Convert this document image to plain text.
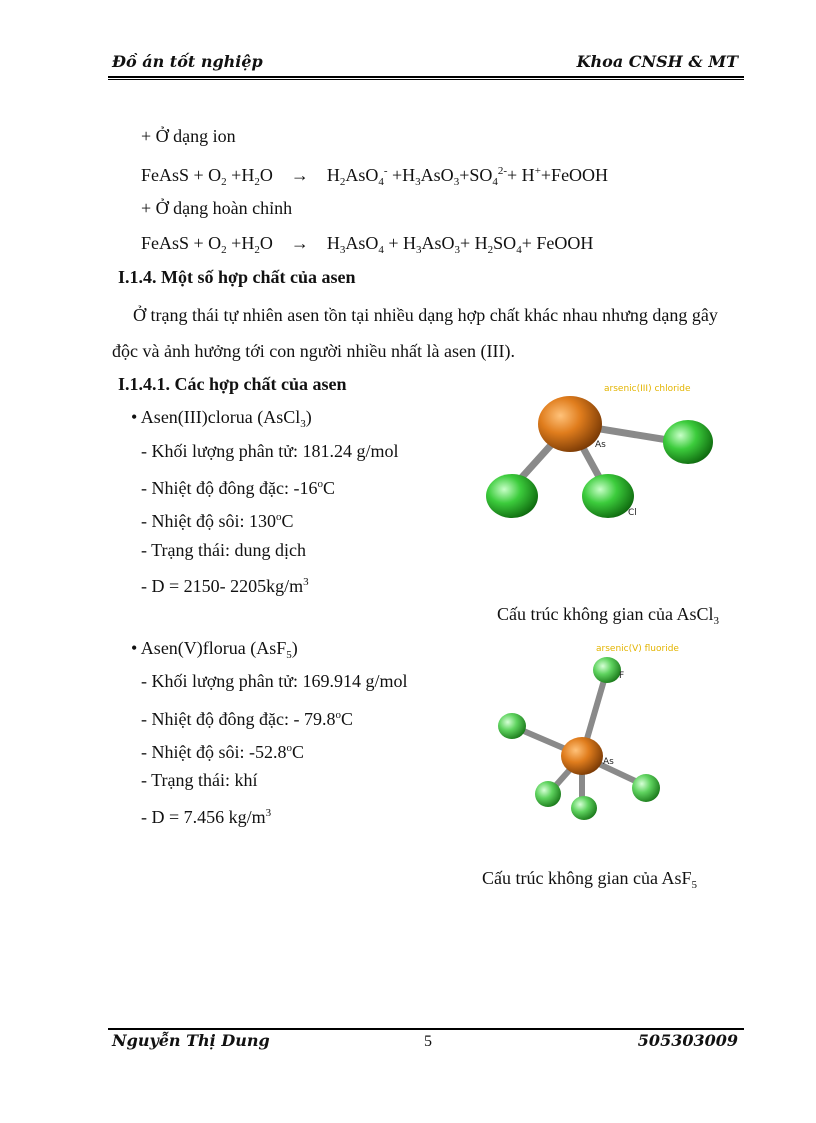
Đồ án tốt nghiệp	Khoa CNSH & MT
+ Ở dạng ion
FeAsS + $O_2 +H_2O \to H_2AsO_4^- +H_3AsO_3+SO_4^{2-}+$ H++FeOOH
+ Ở dạng hoàn chỉnh
FeAsS + $O_2 +H_2O \to H_3AsO_4 + H_3AsO_3+ H_2SO_4+$ FeOOH
I.1.4. Một số hợp chất của asen
Ở trạng thái tự nhiên asen tồn tại nhiều dạng hợp chất khác nhau nhưng dạng gây
độc và ảnh hưởng tới con người nhiều nhất là asen (III).
I.1.4.1. Các hợp chất của asen
• Asen(III)clorua (AsCl$_3$)
- Khối lượng phân tử: 181.24 g/mol
- Nhiệt độ đông đặc: -16$^o$C
- Nhiệt độ sôi: 130$^o$C
- Trạng thái: dung dịch
- D = 2150- $2205kg/m^3$
arsenic(III) chloride
As
Cl
Cấu trúc không gian của AsCl$_3$
• Asen(V)florua (AsF$_5$)
- Khối lượng phân tử: 169.914 g/mol
- Nhiệt độ đông đặc: - 79.8$^o$C
- Nhiệt độ sôi: -52.8$^o$C
- Trạng thái: khí
- D = 7.456 $kg/m^3$
arsenic(V) fluoride
F
As
Cấu trúc không gian của AsF$_5$
Nguyễn Thị Dung	5	505303009
